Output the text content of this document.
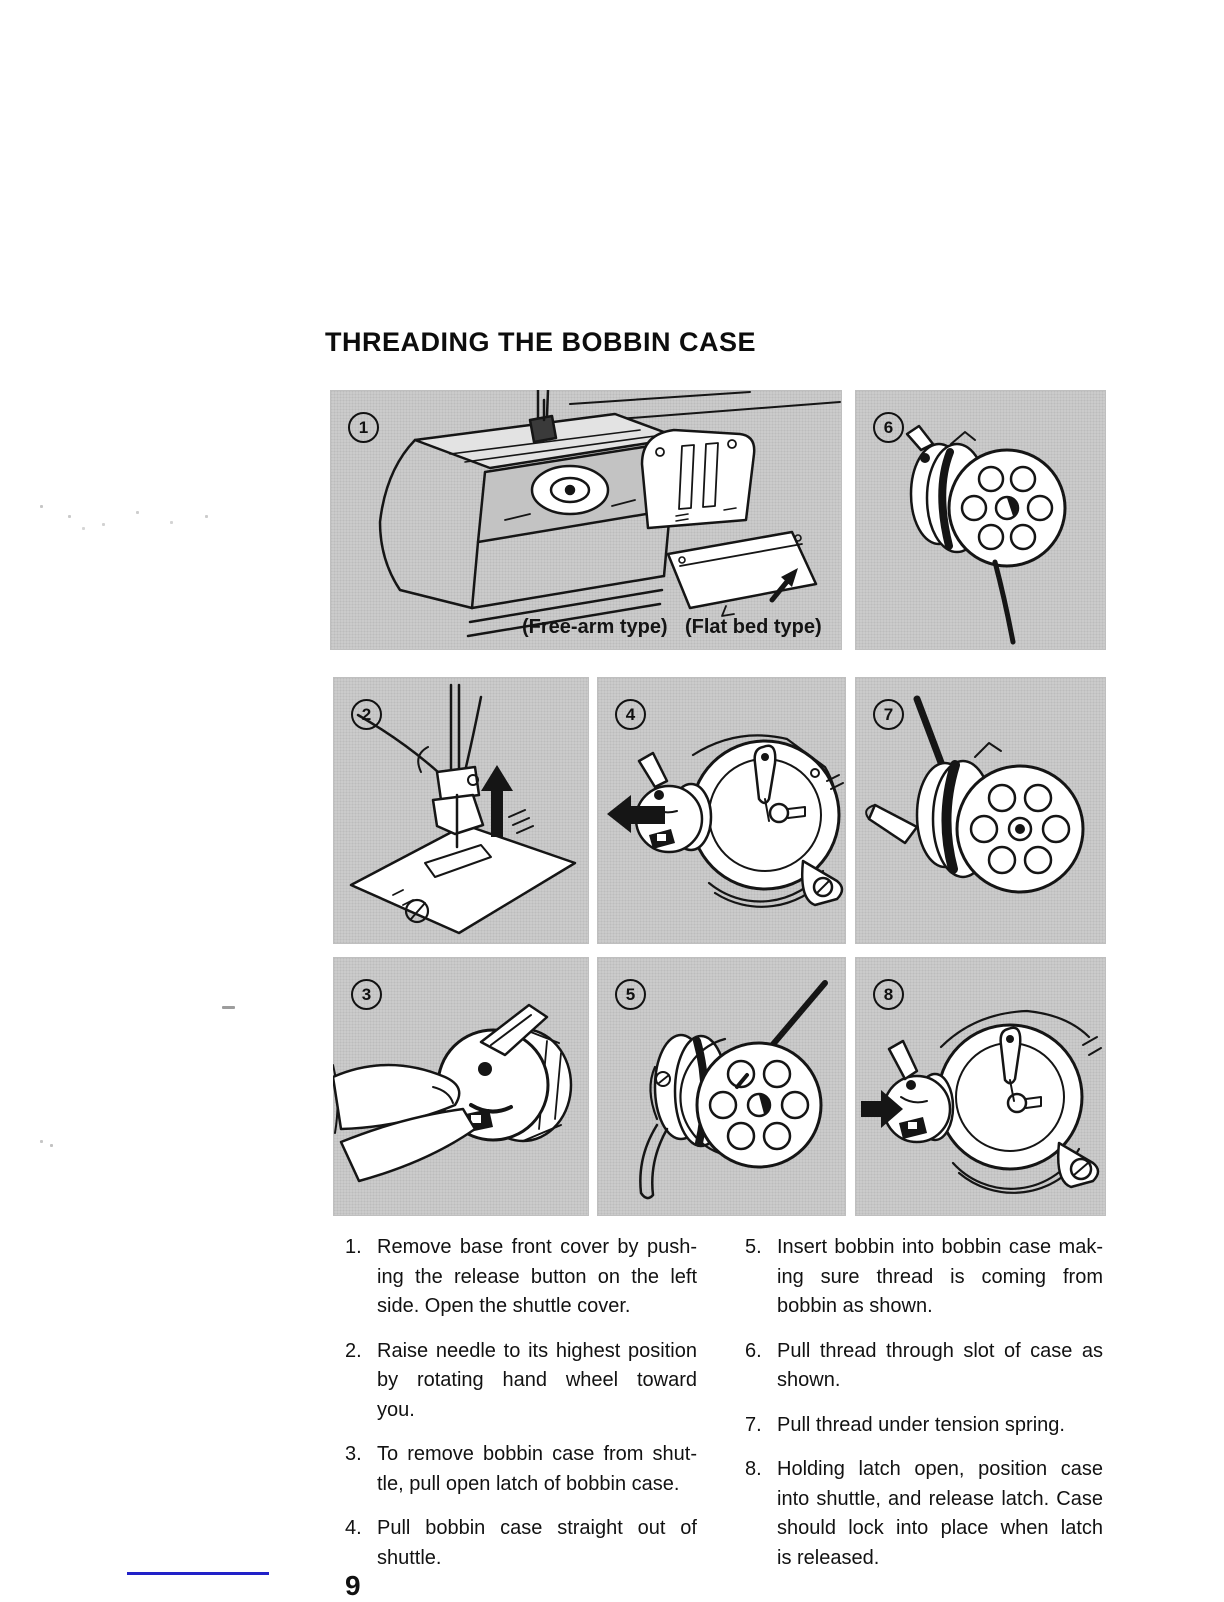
THREADING THE BOBBIN CASE
1
(Free-arm type) (Flat bed type)
6
2	4	7
3	5	8
1. Remove base front cover by push-
ing the release button on the left
side. Open the shuttle cover.
2. Raise needle to its highest position
by rotating hand wheel toward
you.
3. To remove bobbin case from shut-
tle, pull open latch of bobbin case.
4. Pull bobbin case straight out of
shuttle.
5. Insert bobbin into bobbin case mak-
ing sure thread is coming from
bobbin as shown.
6. Pull thread through slot of case as
shown.
7. Pull thread under tension spring.
8. Holding latch open, position case
into shuttle, and release latch. Case
should lock into place when latch
is released.
9
